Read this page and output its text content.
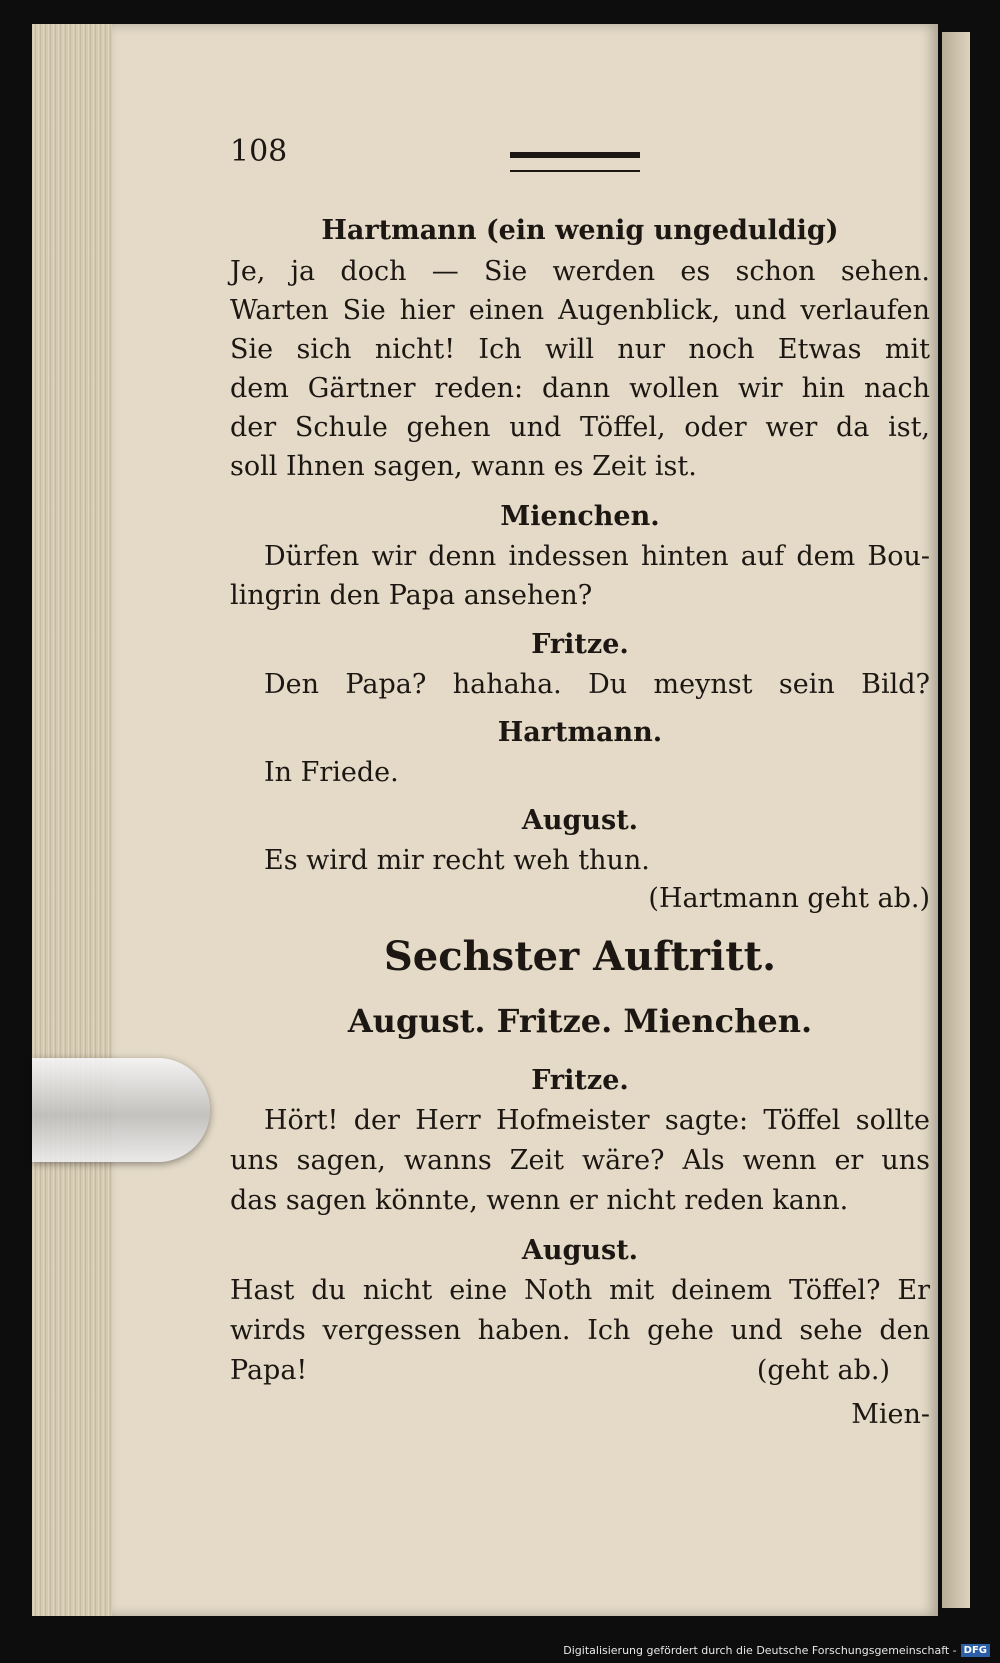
108
Hartmann (ein wenig ungeduldig)
Je, ja doch — Sie werden es schon sehen.
Warten Sie hier einen Augenblick, und verlaufen
Sie sich nicht! Ich will nur noch Etwas mit
dem Gärtner reden: dann wollen wir hin nach
der Schule gehen und Töffel, oder wer da ist,
soll Ihnen sagen, wann es Zeit ist.
Mienchen.
Dürfen wir denn indessen hinten auf dem Bou-
lingrin den Papa ansehen?
Fritze.
Den Papa? hahaha. Du meynst sein Bild?
Hartmann.
In Friede.
August.
Es wird mir recht weh thun.
(Hartmann geht ab.)
Sechster Auftritt.
August. Fritze. Mienchen.
Fritze.
Hört! der Herr Hofmeister sagte: Töffel sollte
uns sagen, wanns Zeit wäre? Als wenn er uns
das sagen könnte, wenn er nicht reden kann.
August.
Hast du nicht eine Noth mit deinem Töffel? Er
wirds vergessen haben. Ich gehe und sehe den
Papa!	(geht ab.)
Mien-
Digitalisierung gefördert durch die Deutsche Forschungsgemeinschaft - DFG
